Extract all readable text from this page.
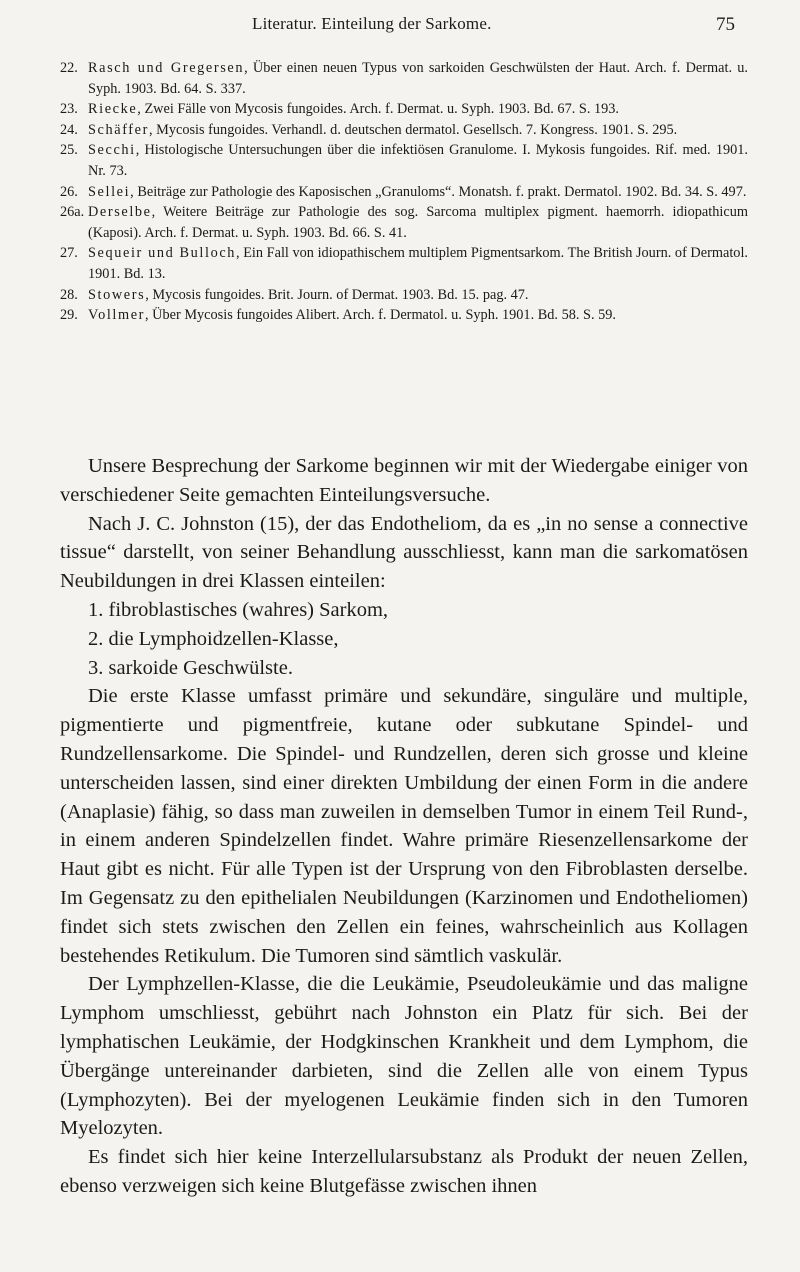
Literatur. Einteilung der Sarkome.	75
22. Rasch und Gregersen, Über einen neuen Typus von sarkoiden Geschwülsten der Haut. Arch. f. Dermat. u. Syph. 1903. Bd. 64. S. 337.
23. Riecke, Zwei Fälle von Mycosis fungoides. Arch. f. Dermat. u. Syph. 1903. Bd. 67. S. 193.
24. Schäffer, Mycosis fungoides. Verhandl. d. deutschen dermatol. Gesellsch. 7. Kongress. 1901. S. 295.
25. Secchi, Histologische Untersuchungen über die infektiösen Granulome. I. Mykosis fungoides. Rif. med. 1901. Nr. 73.
26. Sellei, Beiträge zur Pathologie des Kaposischen „Granuloms“. Monatsh. f. prakt. Dermatol. 1902. Bd. 34. S. 497.
26a. Derselbe, Weitere Beiträge zur Pathologie des sog. Sarcoma multiplex pigment. haemorrh. idiopathicum (Kaposi). Arch. f. Dermat. u. Syph. 1903. Bd. 66. S. 41.
27. Sequeir und Bulloch, Ein Fall von idiopathischem multiplem Pigmentsarkom. The British Journ. of Dermatol. 1901. Bd. 13.
28. Stowers, Mycosis fungoides. Brit. Journ. of Dermat. 1903. Bd. 15. pag. 47.
29. Vollmer, Über Mycosis fungoides Alibert. Arch. f. Dermatol. u. Syph. 1901. Bd. 58. S. 59.

Unsere Besprechung der Sarkome beginnen wir mit der Wiedergabe einiger von verschiedener Seite gemachten Einteilungsversuche.

Nach J. C. Johnston (15), der das Endotheliom, da es „in no sense a connective tissue“ darstellt, von seiner Behandlung ausschliesst, kann man die sarkomatösen Neubildungen in drei Klassen einteilen:

1. fibroblastisches (wahres) Sarkom,
2. die Lymphoidzellen-Klasse,
3. sarkoide Geschwülste.

Die erste Klasse umfasst primäre und sekundäre, singuläre und multiple, pigmentierte und pigmentfreie, kutane oder subkutane Spindel- und Rundzellensarkome. Die Spindel- und Rundzellen, deren sich grosse und kleine unterscheiden lassen, sind einer direkten Umbildung der einen Form in die andere (Anaplasie) fähig, so dass man zuweilen in demselben Tumor in einem Teil Rund-, in einem anderen Spindelzellen findet. Wahre primäre Riesenzellensarkome der Haut gibt es nicht. Für alle Typen ist der Ursprung von den Fibroblasten derselbe. Im Gegensatz zu den epithelialen Neubildungen (Karzinomen und Endotheliomen) findet sich stets zwischen den Zellen ein feines, wahrscheinlich aus Kollagen bestehendes Retikulum. Die Tumoren sind sämtlich vaskulär.

Der Lymphzellen-Klasse, die die Leukämie, Pseudoleukämie und das maligne Lymphom umschliesst, gebührt nach Johnston ein Platz für sich. Bei der lymphatischen Leukämie, der Hodgkinschen Krankheit und dem Lymphom, die Übergänge untereinander darbieten, sind die Zellen alle von einem Typus (Lymphozyten). Bei der myelogenen Leukämie finden sich in den Tumoren Myelozyten.

Es findet sich hier keine Interzellularsubstanz als Produkt der neuen Zellen, ebenso verzweigen sich keine Blutgefässe zwischen ihnen
